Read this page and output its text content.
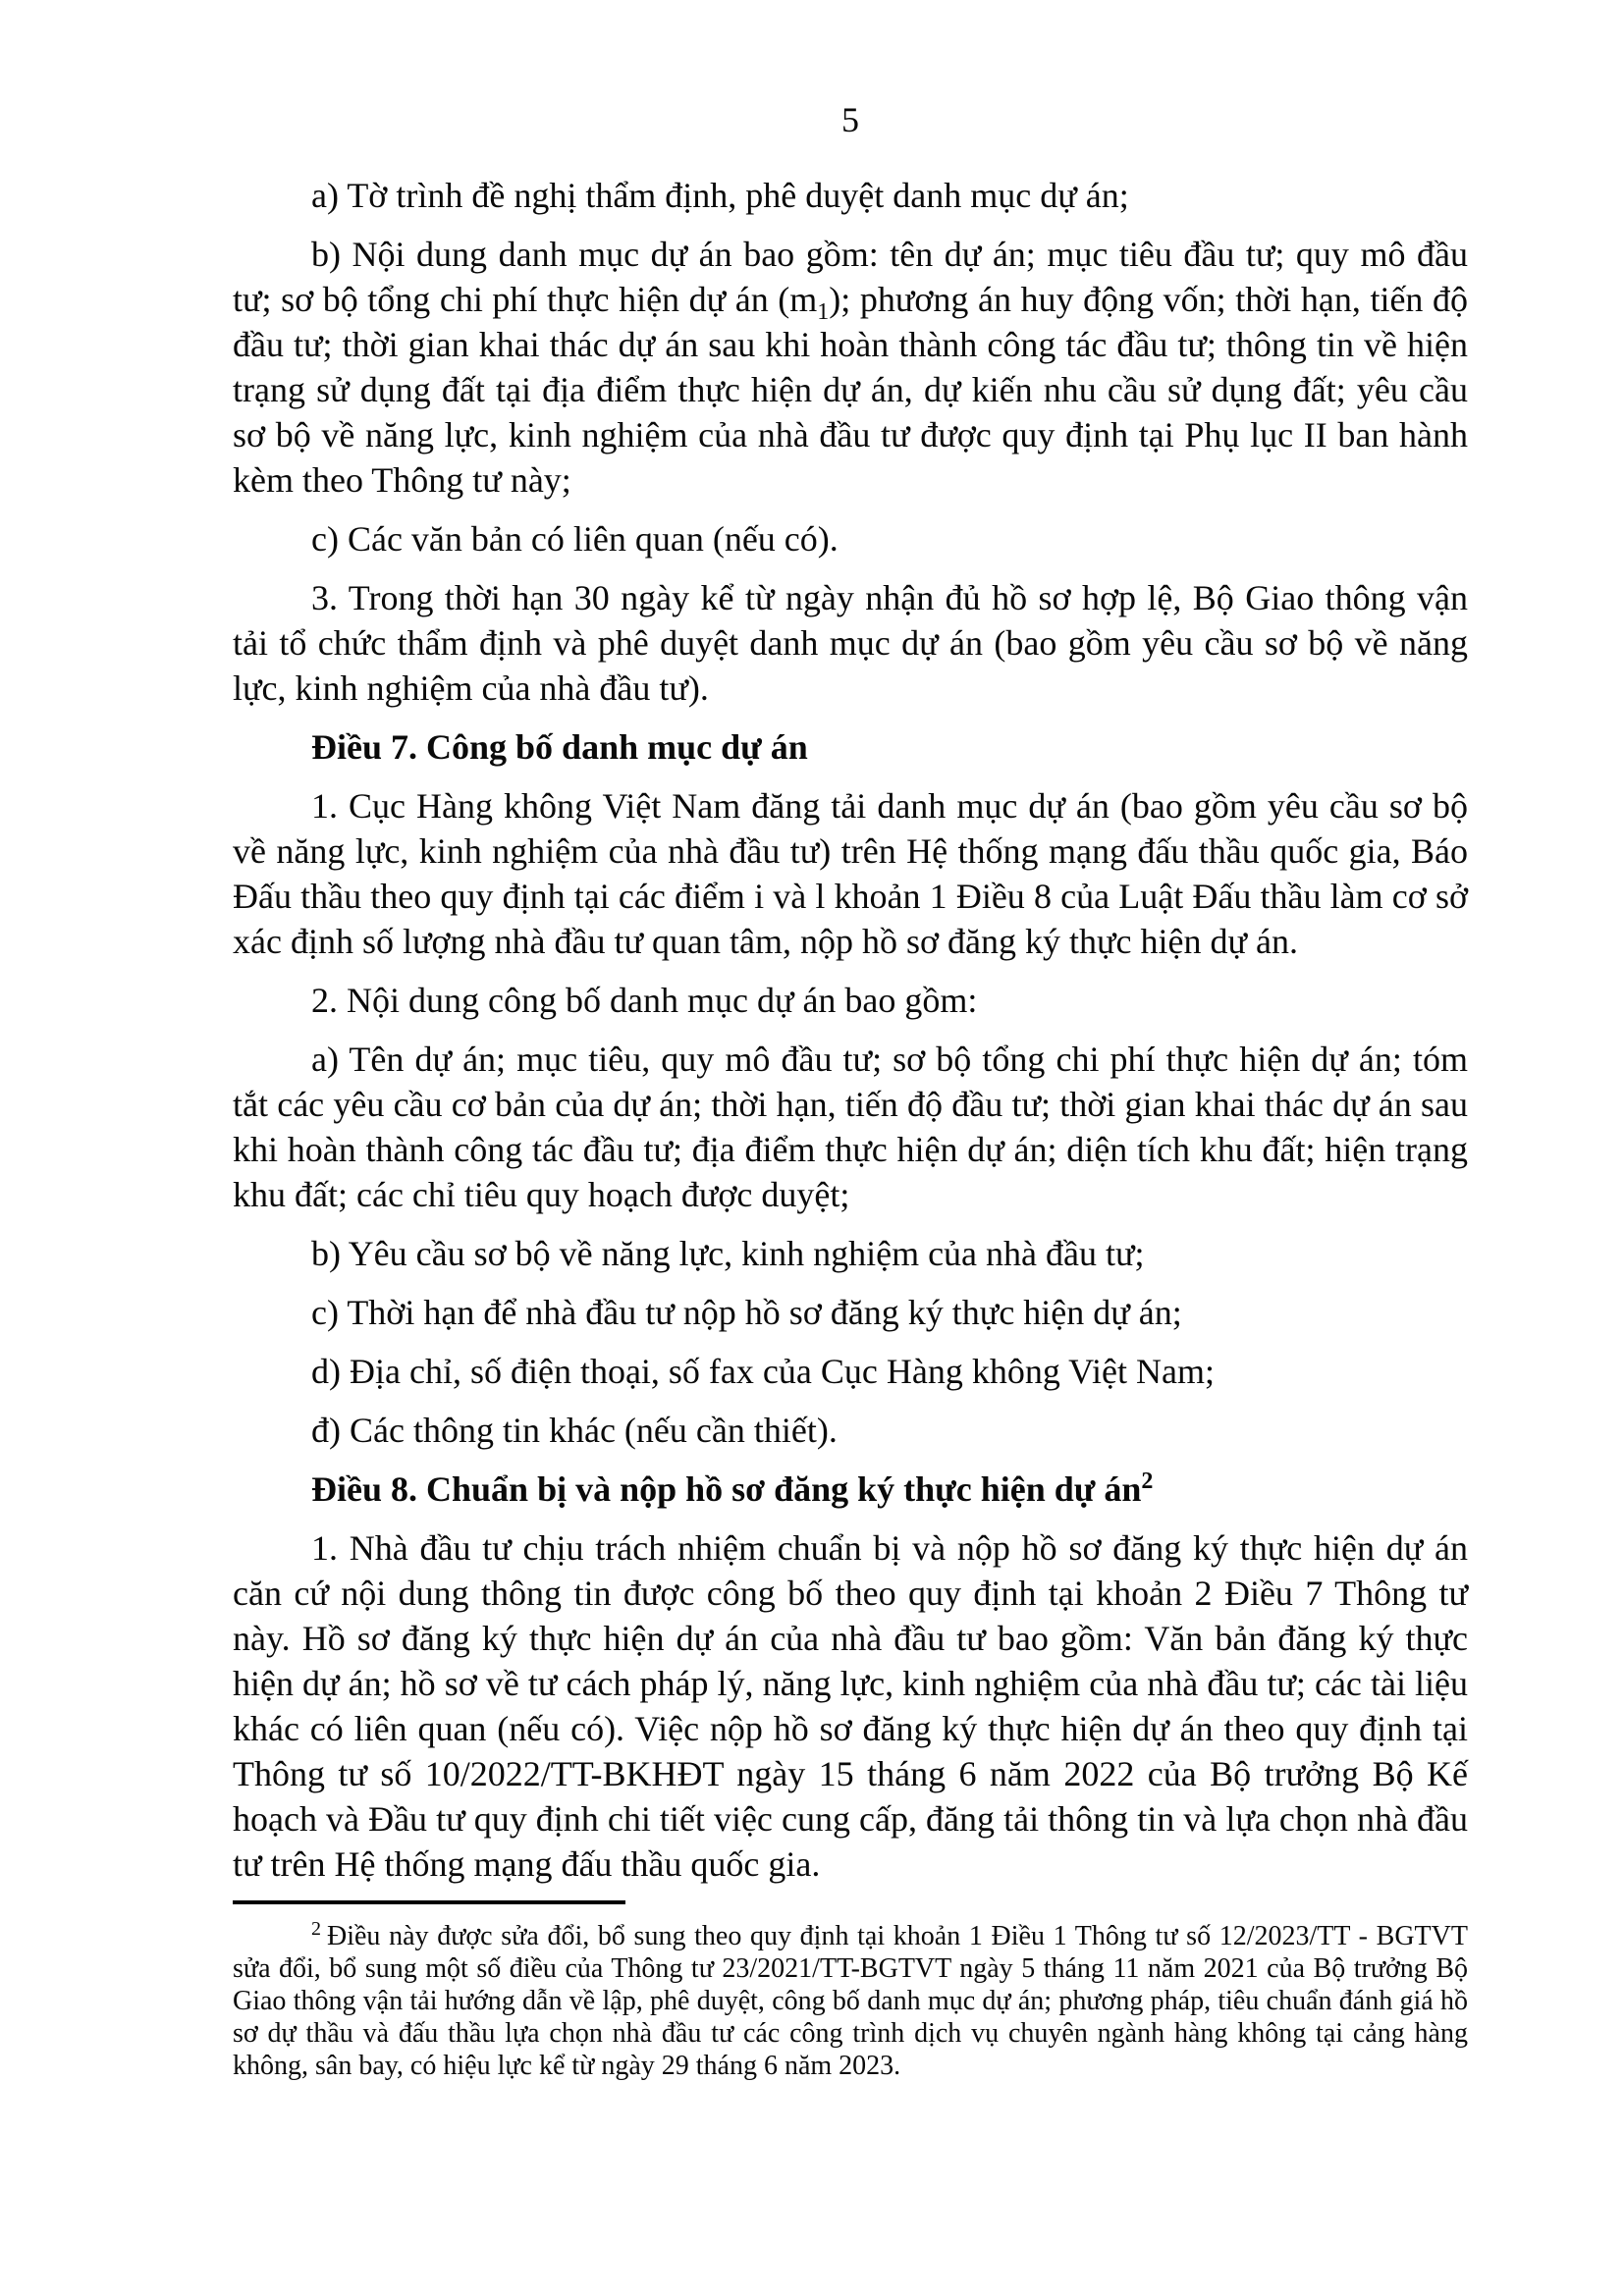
5

a) Tờ trình đề nghị thẩm định, phê duyệt danh mục dự án;

b) Nội dung danh mục dự án bao gồm: tên dự án; mục tiêu đầu tư; quy mô đầu tư; sơ bộ tổng chi phí thực hiện dự án $(m_1)$; phương án huy động vốn; thời hạn, tiến độ đầu tư; thời gian khai thác dự án sau khi hoàn thành công tác đầu tư; thông tin về hiện trạng sử dụng đất tại địa điểm thực hiện dự án, dự kiến nhu cầu sử dụng đất; yêu cầu sơ bộ về năng lực, kinh nghiệm của nhà đầu tư được quy định tại Phụ lục II ban hành kèm theo Thông tư này;

c) Các văn bản có liên quan (nếu có).

3. Trong thời hạn 30 ngày kể từ ngày nhận đủ hồ sơ hợp lệ, Bộ Giao thông vận tải tổ chức thẩm định và phê duyệt danh mục dự án (bao gồm yêu cầu sơ bộ về năng lực, kinh nghiệm của nhà đầu tư).

Điều 7. Công bố danh mục dự án

1. Cục Hàng không Việt Nam đăng tải danh mục dự án (bao gồm yêu cầu sơ bộ về năng lực, kinh nghiệm của nhà đầu tư) trên Hệ thống mạng đấu thầu quốc gia, Báo Đấu thầu theo quy định tại các điểm i và l khoản 1 Điều 8 của Luật Đấu thầu làm cơ sở xác định số lượng nhà đầu tư quan tâm, nộp hồ sơ đăng ký thực hiện dự án.

2. Nội dung công bố danh mục dự án bao gồm:

a) Tên dự án; mục tiêu, quy mô đầu tư; sơ bộ tổng chi phí thực hiện dự án; tóm tắt các yêu cầu cơ bản của dự án; thời hạn, tiến độ đầu tư; thời gian khai thác dự án sau khi hoàn thành công tác đầu tư; địa điểm thực hiện dự án; diện tích khu đất; hiện trạng khu đất; các chỉ tiêu quy hoạch được duyệt;

b) Yêu cầu sơ bộ về năng lực, kinh nghiệm của nhà đầu tư;

c) Thời hạn để nhà đầu tư nộp hồ sơ đăng ký thực hiện dự án;

d) Địa chỉ, số điện thoại, số fax của Cục Hàng không Việt Nam;

đ) Các thông tin khác (nếu cần thiết).

Điều 8. Chuẩn bị và nộp hồ sơ đăng ký thực hiện dự $án^2$

1. Nhà đầu tư chịu trách nhiệm chuẩn bị và nộp hồ sơ đăng ký thực hiện dự án căn cứ nội dung thông tin được công bố theo quy định tại khoản 2 Điều 7 Thông tư này. Hồ sơ đăng ký thực hiện dự án của nhà đầu tư bao gồm: Văn bản đăng ký thực hiện dự án; hồ sơ về tư cách pháp lý, năng lực, kinh nghiệm của nhà đầu tư; các tài liệu khác có liên quan (nếu có). Việc nộp hồ sơ đăng ký thực hiện dự án theo quy định tại Thông tư số 10/2022/TT-BKHĐT ngày 15 tháng 6 năm 2022 của Bộ trưởng Bộ Kế hoạch và Đầu tư quy định chi tiết việc cung cấp, đăng tải thông tin và lựa chọn nhà đầu tư trên Hệ thống mạng đấu thầu quốc gia.

$^2$ Điều này được sửa đổi, bổ sung theo quy định tại khoản 1 Điều 1 Thông tư số 12/2023/TT - BGTVT sửa đổi, bổ sung một số điều của Thông tư 23/2021/TT-BGTVT ngày 5 tháng 11 năm 2021 của Bộ trưởng Bộ Giao thông vận tải hướng dẫn về lập, phê duyệt, công bố danh mục dự án; phương pháp, tiêu chuẩn đánh giá hồ sơ dự thầu và đấu thầu lựa chọn nhà đầu tư các công trình dịch vụ chuyên ngành hàng không tại cảng hàng không, sân bay, có hiệu lực kể từ ngày 29 tháng 6 năm 2023.
